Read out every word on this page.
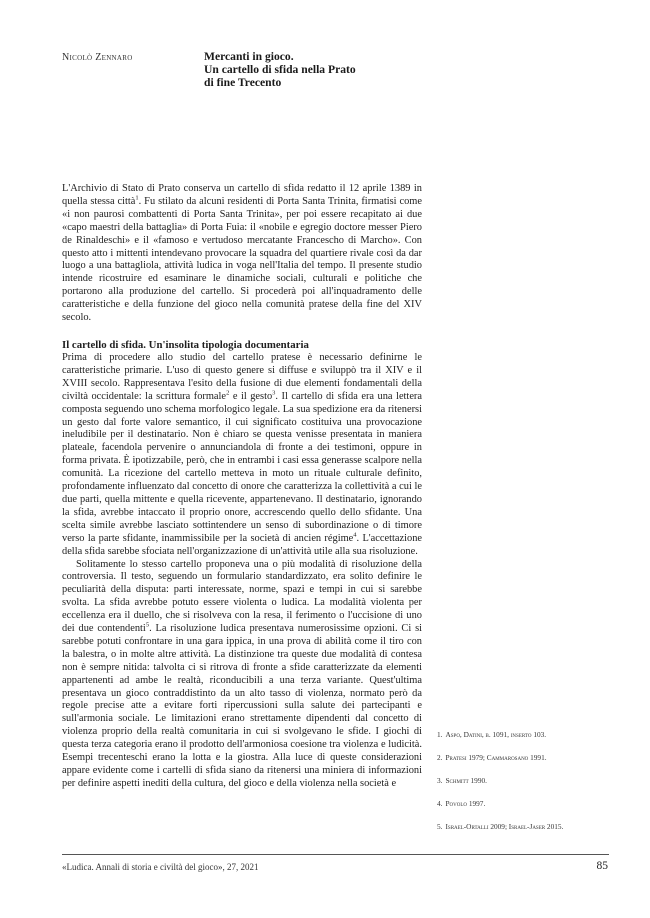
Nicolò Zennaro	Mercanti in gioco.
Un cartello di sfida nella Prato
di fine Trecento

L'Archivio di Stato di Prato conserva un cartello di sfida redatto il 12 aprile 1389 in quella stessa città$^1$. Fu stilato da alcuni residenti di Porta Santa Trinita, firmatisi come «i non paurosi combattenti di Porta Santa Trinita», per poi essere recapitato ai due «capo maestri della battaglia» di Porta Fuia: il «nobile e egregio doctore messer Piero de Rinaldeschi» e il «famoso e vertudoso mercatante Francescho di Marcho». Con questo atto i mittenti intendevano provocare la squadra del quartiere rivale così da dar luogo a una battagliola, attività ludica in voga nell'Italia del tempo. Il presente studio intende ricostruire ed esaminare le dinamiche sociali, culturali e politiche che portarono alla produzione del cartello. Si procederà poi all'inquadramento delle caratteristiche e della funzione del gioco nella comunità pratese della fine del XIV secolo.

Il cartello di sfida. Un'insolita tipologia documentaria

Prima di procedere allo studio del cartello pratese è necessario definirne le caratteristiche primarie. L'uso di questo genere si diffuse e sviluppò tra il XIV e il XVIII secolo. Rappresentava l'esito della fusione di due elementi fondamentali della civiltà occidentale: la scrittura formale$^2$ e il gesto$^3$. Il cartello di sfida era una lettera composta seguendo uno schema morfologico legale. La sua spedizione era da ritenersi un gesto dal forte valore semantico, il cui significato costituiva una provocazione ineludibile per il destinatario. Non è chiaro se questa venisse presentata in maniera plateale, facendola pervenire o annunciandola di fronte a dei testimoni, oppure in forma privata. È ipotizzabile, però, che in entrambi i casi essa generasse scalpore nella comunità. La ricezione del cartello metteva in moto un rituale culturale definito, profondamente influenzato dal concetto di onore che caratterizza la collettività a cui le due parti, quella mittente e quella ricevente, appartenevano. Il destinatario, ignorando la sfida, avrebbe intaccato il proprio onore, accrescendo quello dello sfidante. Una scelta simile avrebbe lasciato sottintendere un senso di subordinazione o di timore verso la parte sfidante, inammissibile per la società di ancien régime$^4$. L'accettazione della sfida sarebbe sfociata nell'organizzazione di un'attività utile alla sua risoluzione.

Solitamente lo stesso cartello proponeva una o più modalità di risoluzione della controversia. Il testo, seguendo un formulario standardizzato, era solito definire le peculiarità della disputa: parti interessate, norme, spazi e tempi in cui si sarebbe svolta. La sfida avrebbe potuto essere violenta o ludica. La modalità violenta per eccellenza era il duello, che si risolveva con la resa, il ferimento o l'uccisione di uno dei due contendenti$^5$. La risoluzione ludica presentava numerosissime opzioni. Ci si sarebbe potuti confrontare in una gara ippica, in una prova di abilità come il tiro con la balestra, o in molte altre attività. La distinzione tra queste due modalità di contesa non è sempre nitida: talvolta ci si ritrova di fronte a sfide caratterizzate da elementi appartenenti ad ambe le realtà, riconducibili a una terza variante. Quest'ultima presentava un gioco contraddistinto da un alto tasso di violenza, normato però da regole precise atte a evitare forti ripercussioni sulla salute dei partecipanti e sull'armonia sociale. Le limitazioni erano strettamente dipendenti dal concetto di violenza proprio della realtà comunitaria in cui si svolgevano le sfide. I giochi di questa terza categoria erano il prodotto dell'armoniosa coesione tra violenza e ludicità. Esempi trecenteschi erano la lotta e la giostra. Alla luce di queste considerazioni appare evidente come i cartelli di sfida siano da ritenersi una miniera di informazioni per definire aspetti inediti della cultura, del gioco e della violenza nella società e

1. Aspo, Datini, b. 1091, inserto 103.
2. Pratesi 1979; Cammarosano 1991.
3. Schmitt 1990.
4. Povolo 1997.
5. Israel-Ortalli 2009; Israel-Jaser 2015.
«Ludica. Annali di storia e civiltà del gioco», 27, 2021	85
